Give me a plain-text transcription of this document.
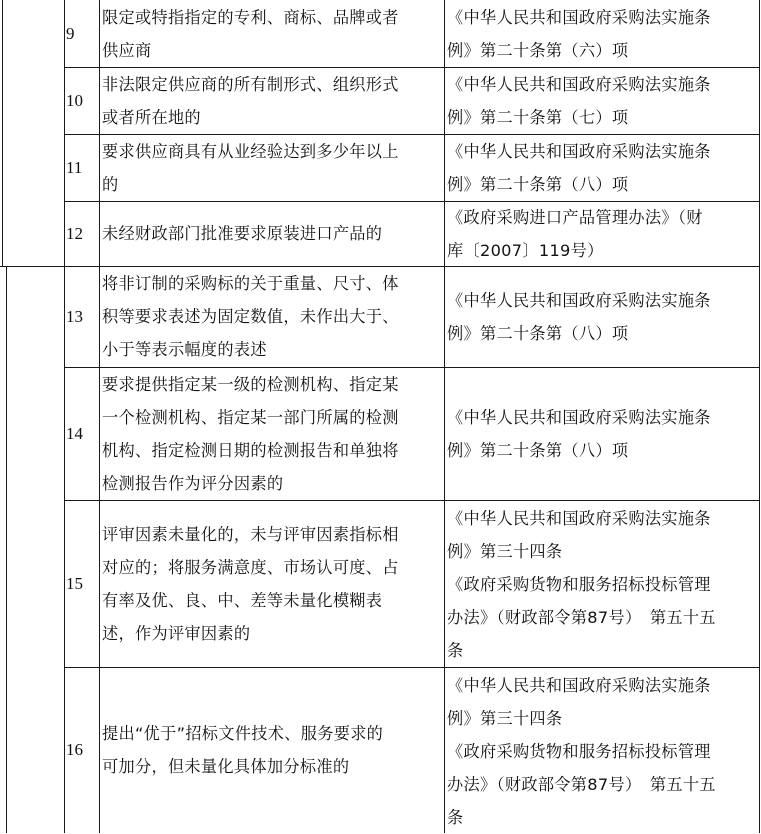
9
限定或特指指定的专利、商标、品牌或者
供应商
《中华人民共和国政府采购法实施条
例》第二十条第（六）项
10
非法限定供应商的所有制形式、组织形式
或者所在地的
《中华人民共和国政府采购法实施条
例》第二十条第（七）项
11
要求供应商具有从业经验达到多少年以上
的
《中华人民共和国政府采购法实施条
例》第二十条第（八）项
12	未经财政部门批准要求原装进口产品的
《政府采购进口产品管理办法》（财
库〔2007〕119号）
13
将非订制的采购标的关于重量、尺寸、体
积等要求表述为固定数值，未作出大于、
小于等表示幅度的表述
《中华人民共和国政府采购法实施条
例》第二十条第（八）项
14
要求提供指定某一级的检测机构、指定某
一个检测机构、指定某一部门所属的检测
机构、指定检测日期的检测报告和单独将
检测报告作为评分因素的
《中华人民共和国政府采购法实施条
例》第二十条第（八）项
15
评审因素未量化的，未与评审因素指标相
对应的；将服务满意度、市场认可度、占
有率及优、良、中、差等未量化模糊表
述，作为评审因素的
《中华人民共和国政府采购法实施条
例》第三十四条
《政府采购货物和服务招标投标管理
办法》（财政部令第87号）　第五十五
条
16
提出“优于”招标文件技术、服务要求的
可加分，但未量化具体加分标准的
《中华人民共和国政府采购法实施条
例》第三十四条
《政府采购货物和服务招标投标管理
办法》（财政部令第87号）　第五十五
条
